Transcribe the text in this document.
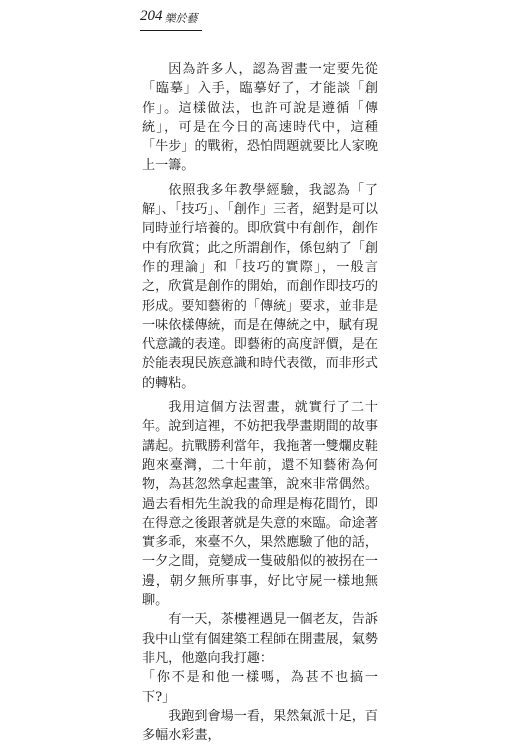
204 樂於藝

因為許多人，認為習畫一定要先從「臨摹」入手，臨摹好了，才能談「創作」。這樣做法，也許可說是遵循「傳統」，可是在今日的高速時代中，這種「牛步」的戰術，恐怕問題就要比人家晚上一籌。

依照我多年教學經驗，我認為「了解」、「技巧」、「創作」三者，絕對是可以同時並行培養的。即欣賞中有創作，創作中有欣賞；此之所謂創作，係包納了「創作的理論」和「技巧的實際」，一般言之，欣賞是創作的開始，而創作即技巧的形成。要知藝術的「傳統」要求，並非是一味依樣傳統，而是在傳統之中，賦有現代意識的表達。即藝術的高度評價，是在於能表現民族意識和時代表徵，而非形式的轉粘。

我用這個方法習畫，就實行了二十年。說到這裡，不妨把我學畫期間的故事講起。抗戰勝利當年，我拖著一雙爛皮鞋跑來臺灣，二十年前，還不知藝術為何物，為甚忽然拿起畫筆，說來非常偶然。過去看相先生說我的命理是梅花間竹，即在得意之後跟著就是失意的來臨。命途著實多乖，來臺不久，果然應驗了他的話，一夕之間，竟變成一隻破船似的被拐在一邊，朝夕無所事事，好比守屍一樣地無聊。

有一天，茶樓裡遇見一個老友，告訴我中山堂有個建築工程師在開畫展，氣勢非凡，他邀向我打趣：

「你不是和他一樣嗎，為甚不也搞一下?」

我跑到會場一看，果然氣派十足，百多幅水彩畫，
